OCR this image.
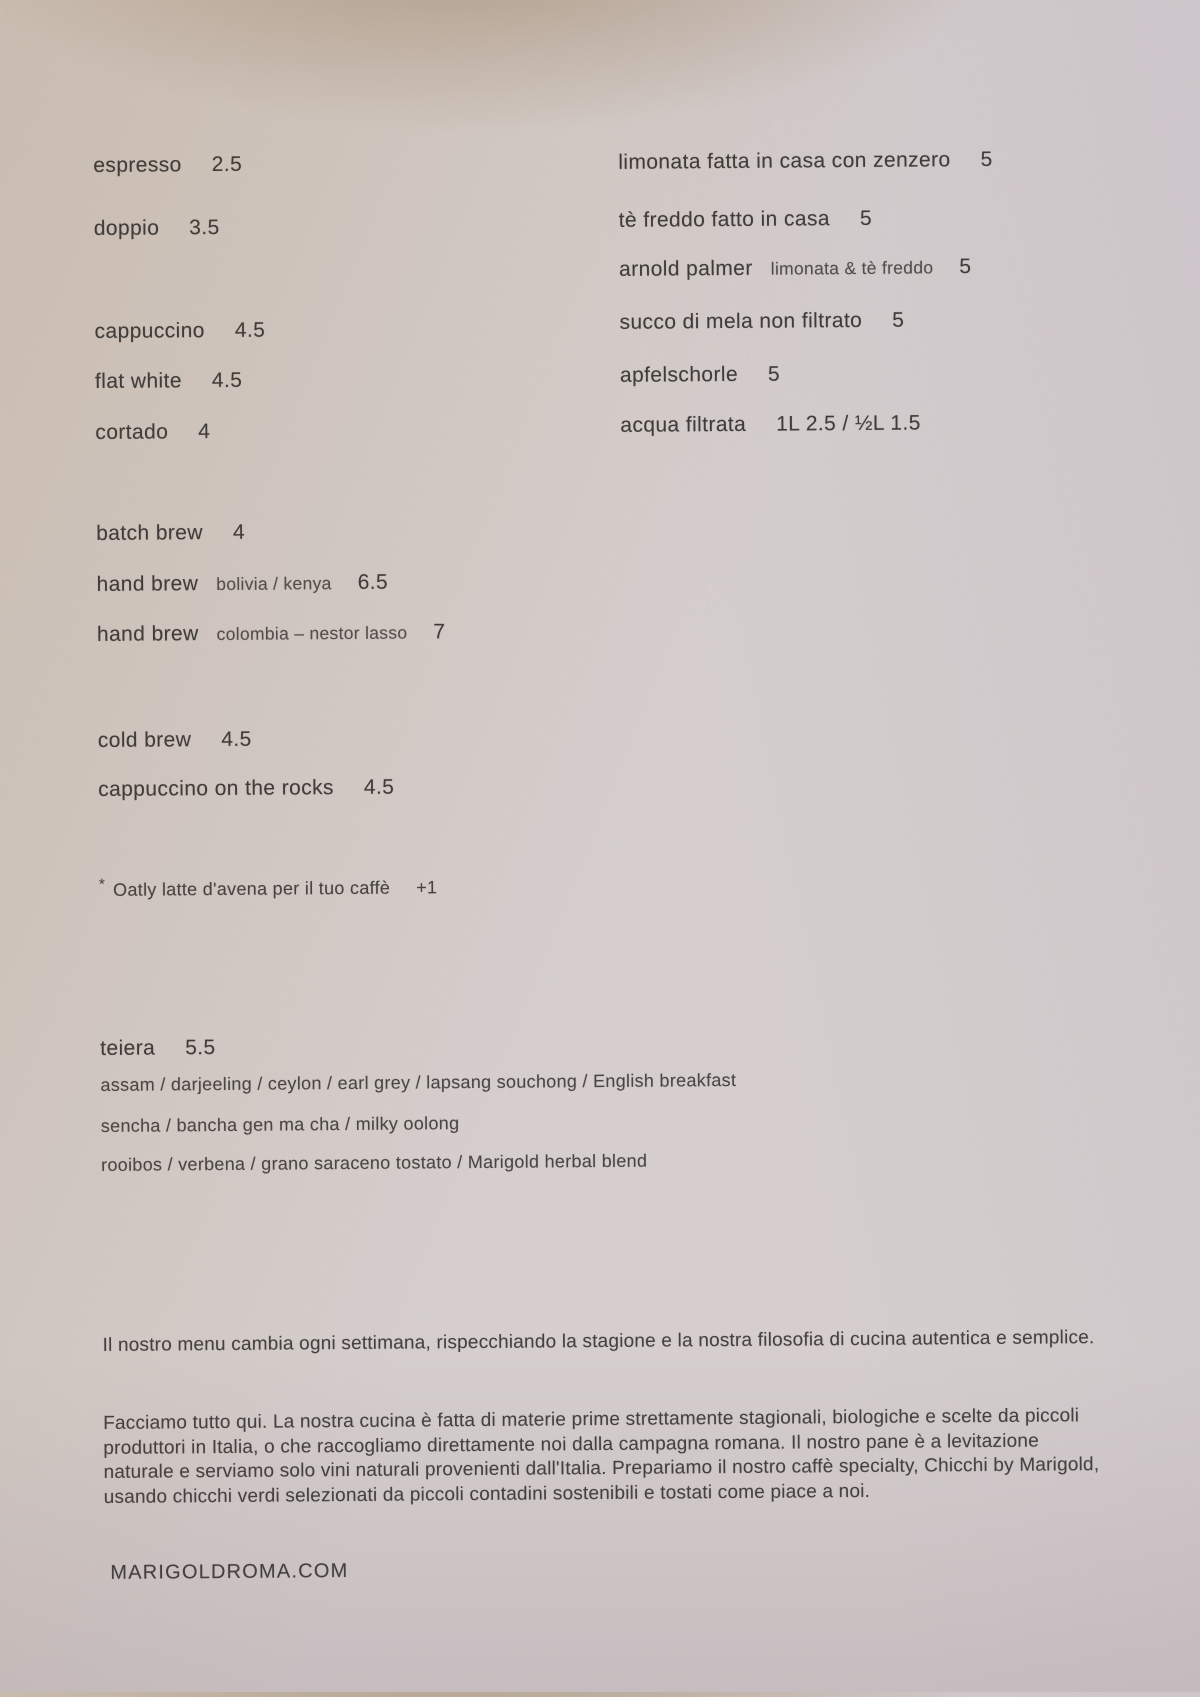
espresso 2.5
doppio 3.5
cappuccino 4.5
flat white 4.5
cortado 4
batch brew 4
hand brew bolivia / kenya 6.5
hand brew colombia – nestor lasso 7
cold brew 4.5
cappuccino on the rocks 4.5
* Oatly latte d'avena per il tuo caffè +1
limonata fatta in casa con zenzero 5
tè freddo fatto in casa 5
arnold palmer limonata & tè freddo 5
succo di mela non filtrato 5
apfelschorle 5
acqua filtrata 1L 2.5 / ½L 1.5
teiera 5.5
assam / darjeeling / ceylon / earl grey / lapsang souchong / English breakfast
sencha / bancha gen ma cha / milky oolong
rooibos / verbena / grano saraceno tostato / Marigold herbal blend
Il nostro menu cambia ogni settimana, rispecchiando la stagione e la nostra filosofia di cucina autentica e semplice.
Facciamo tutto qui. La nostra cucina è fatta di materie prime strettamente stagionali, biologiche e scelte da piccoli produttori in Italia, o che raccogliamo direttamente noi dalla campagna romana. Il nostro pane è a levitazione naturale e serviamo solo vini naturali provenienti dall'Italia. Prepariamo il nostro caffè specialty, Chicchi by Marigold, usando chicchi verdi selezionati da piccoli contadini sostenibili e tostati come piace a noi.
MARIGOLDROMA.COM
